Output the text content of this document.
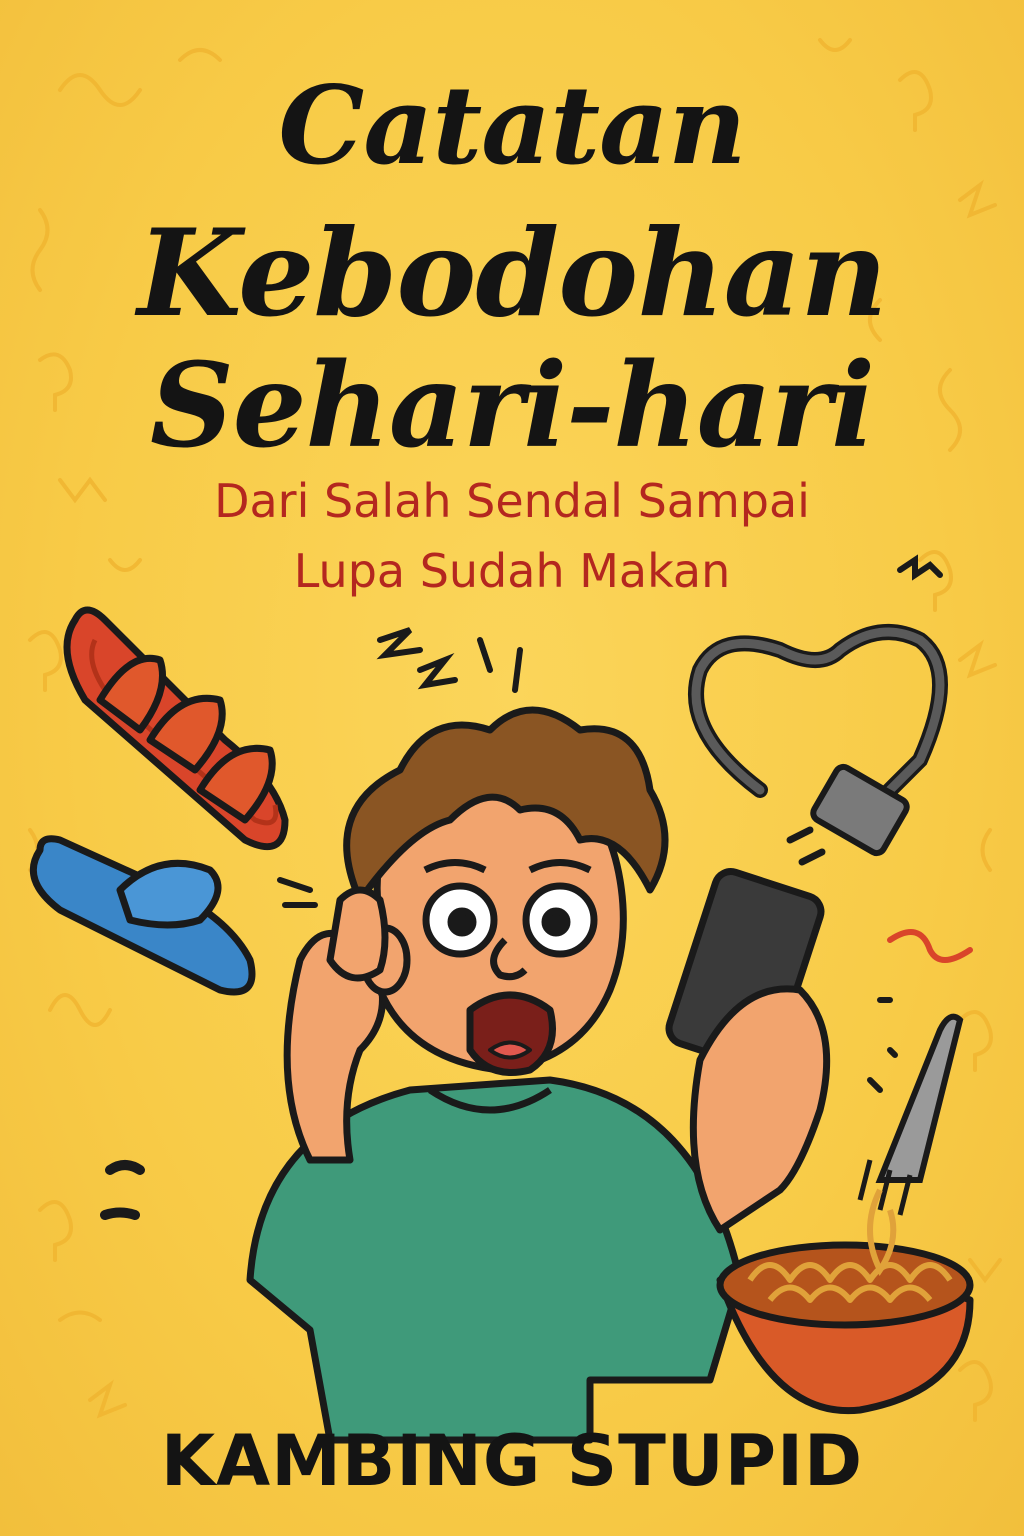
Catatan
Kebodohan
Sehari-hari
Dari Salah Sendal Sampai
Lupa Sudah Makan
KAMBING STUPID
